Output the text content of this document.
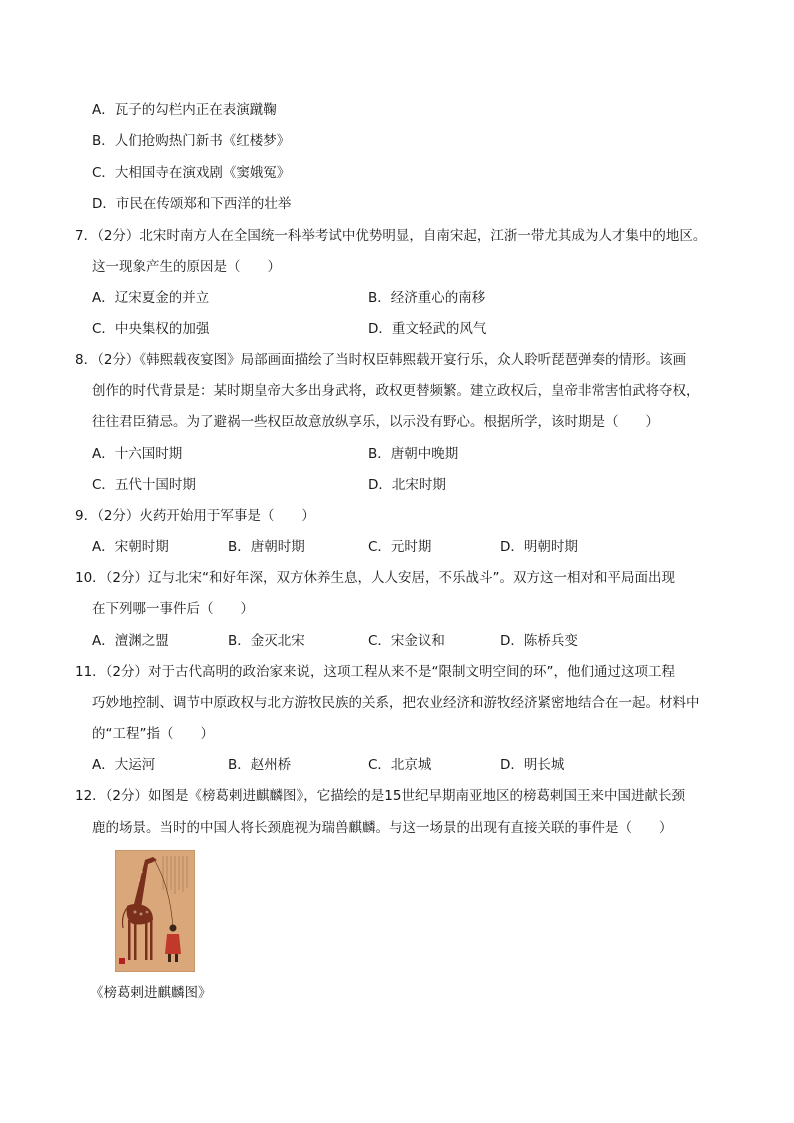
A．瓦子的勾栏内正在表演蹴鞠
B．人们抢购热门新书《红楼梦》
C．大相国寺在演戏剧《窦娥冤》
D．市民在传颂郑和下西洋的壮举
7．（2分）北宋时南方人在全国统一科举考试中优势明显，自南宋起，江浙一带尤其成为人才集中的地区。
这一现象产生的原因是（　　）
A．辽宋夏金的并立	B．经济重心的南移
C．中央集权的加强	D．重文轻武的风气
8．（2分）《韩熙载夜宴图》局部画面描绘了当时权臣韩熙载开宴行乐，众人聆听琵琶弹奏的情形。该画
创作的时代背景是：某时期皇帝大多出身武将，政权更替频繁。建立政权后，皇帝非常害怕武将夺权，
往往君臣猜忌。为了避祸一些权臣故意放纵享乐，以示没有野心。根据所学，该时期是（　　）
A．十六国时期	B．唐朝中晚期
C．五代十国时期	D．北宋时期
9．（2分）火药开始用于军事是（　　）
A．宋朝时期	B．唐朝时期	C．元时期	D．明朝时期
10．（2分）辽与北宋“和好年深，双方休养生息，人人安居，不乐战斗”。双方这一相对和平局面出现
在下列哪一事件后（　　）
A．澶渊之盟	B．金灭北宋	C．宋金议和	D．陈桥兵变
11．（2分）对于古代高明的政治家来说，这项工程从来不是“限制文明空间的环”，他们通过这项工程
巧妙地控制、调节中原政权与北方游牧民族的关系，把农业经济和游牧经济紧密地结合在一起。材料中
的“工程”指（　　）
A．大运河	B．赵州桥	C．北京城	D．明长城
12．（2分）如图是《榜葛剌进麒麟图》，它描绘的是15世纪早期南亚地区的榜葛剌国王来中国进献长颈
鹿的场景。当时的中国人将长颈鹿视为瑞兽麒麟。与这一场景的出现有直接关联的事件是（　　）
《榜葛剌进麒麟图》
